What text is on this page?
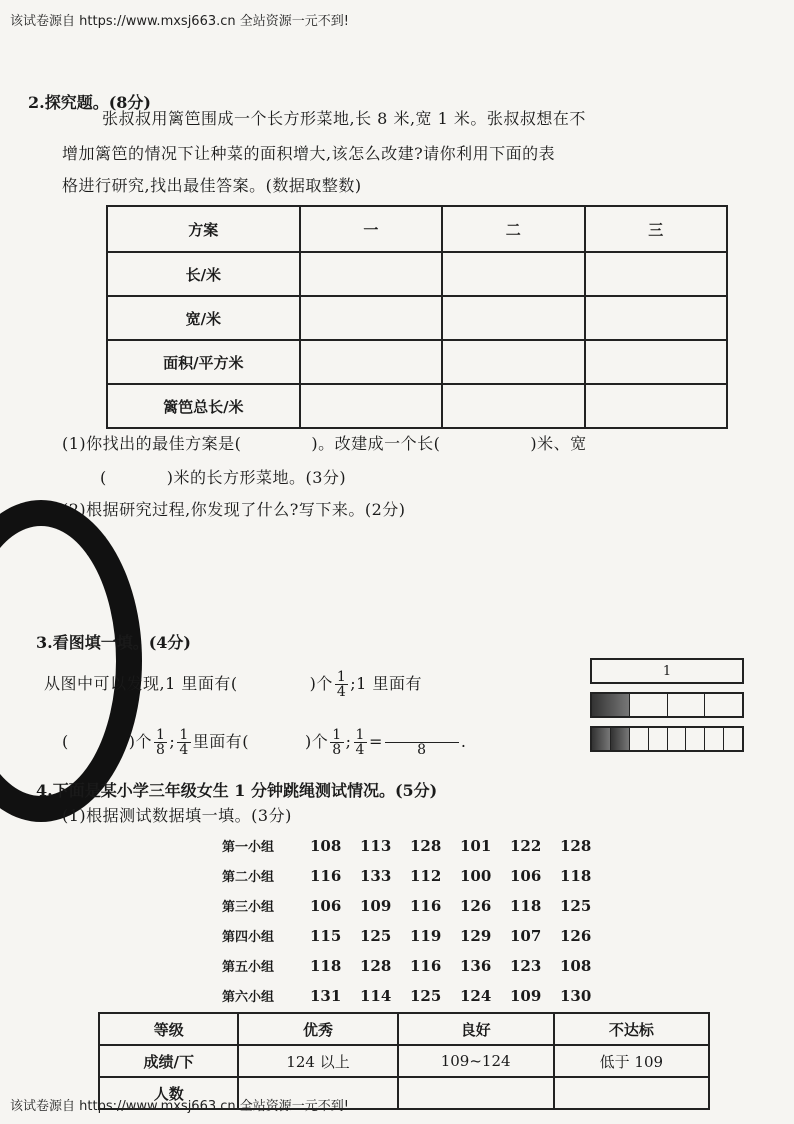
该试卷源自 https://www.mxsj663.cn 全站资源一元不到!
2.探究题。(8分)
张叔叔用篱笆围成一个长方形菜地,长 8 米,宽 1 米。张叔叔想在不
增加篱笆的情况下让种菜的面积增大,该怎么改建?请你利用下面的表
格进行研究,找出最佳答案。(数据取整数)
方案	一	二	三
长/米			
宽/米			
面积/平方米			
篱笆总长/米			
(1)你找出的最佳方案是(	)。改建成一个长(	)米、宽
(	)米的长方形菜地。(3分)
(2)根据研究过程,你发现了什么?写下来。(2分)
3.看图填一填。(4分)
从图中可以发现,1 里面有(	)个 $\frac{1}{4}$ ;1 里面有
(	)个 $\frac{1}{8}$ ; $\frac{1}{4}$ 里面有(	)个 $\frac{1}{8}$ ; $\frac{1}{4} = 8$ .
1
4.下面是某小学三年级女生 1 分钟跳绳测试情况。(5分)
(1)根据测试数据填一填。(3分)
第一小组 108 113 128 101 122 128
第二小组 116 133 112 100 106 118
第三小组 106 109 116 126 118 125
第四小组 115 125 119 129 107 126
第五小组 118 128 116 136 123 108
第六小组 131 114 125 124 109 130
等级	优秀	良好	不达标
成绩/下	124 以上	109~124	低于 109
人数			
该试卷源自 https://www.mxsj663.cn 全站资源一元不到!
